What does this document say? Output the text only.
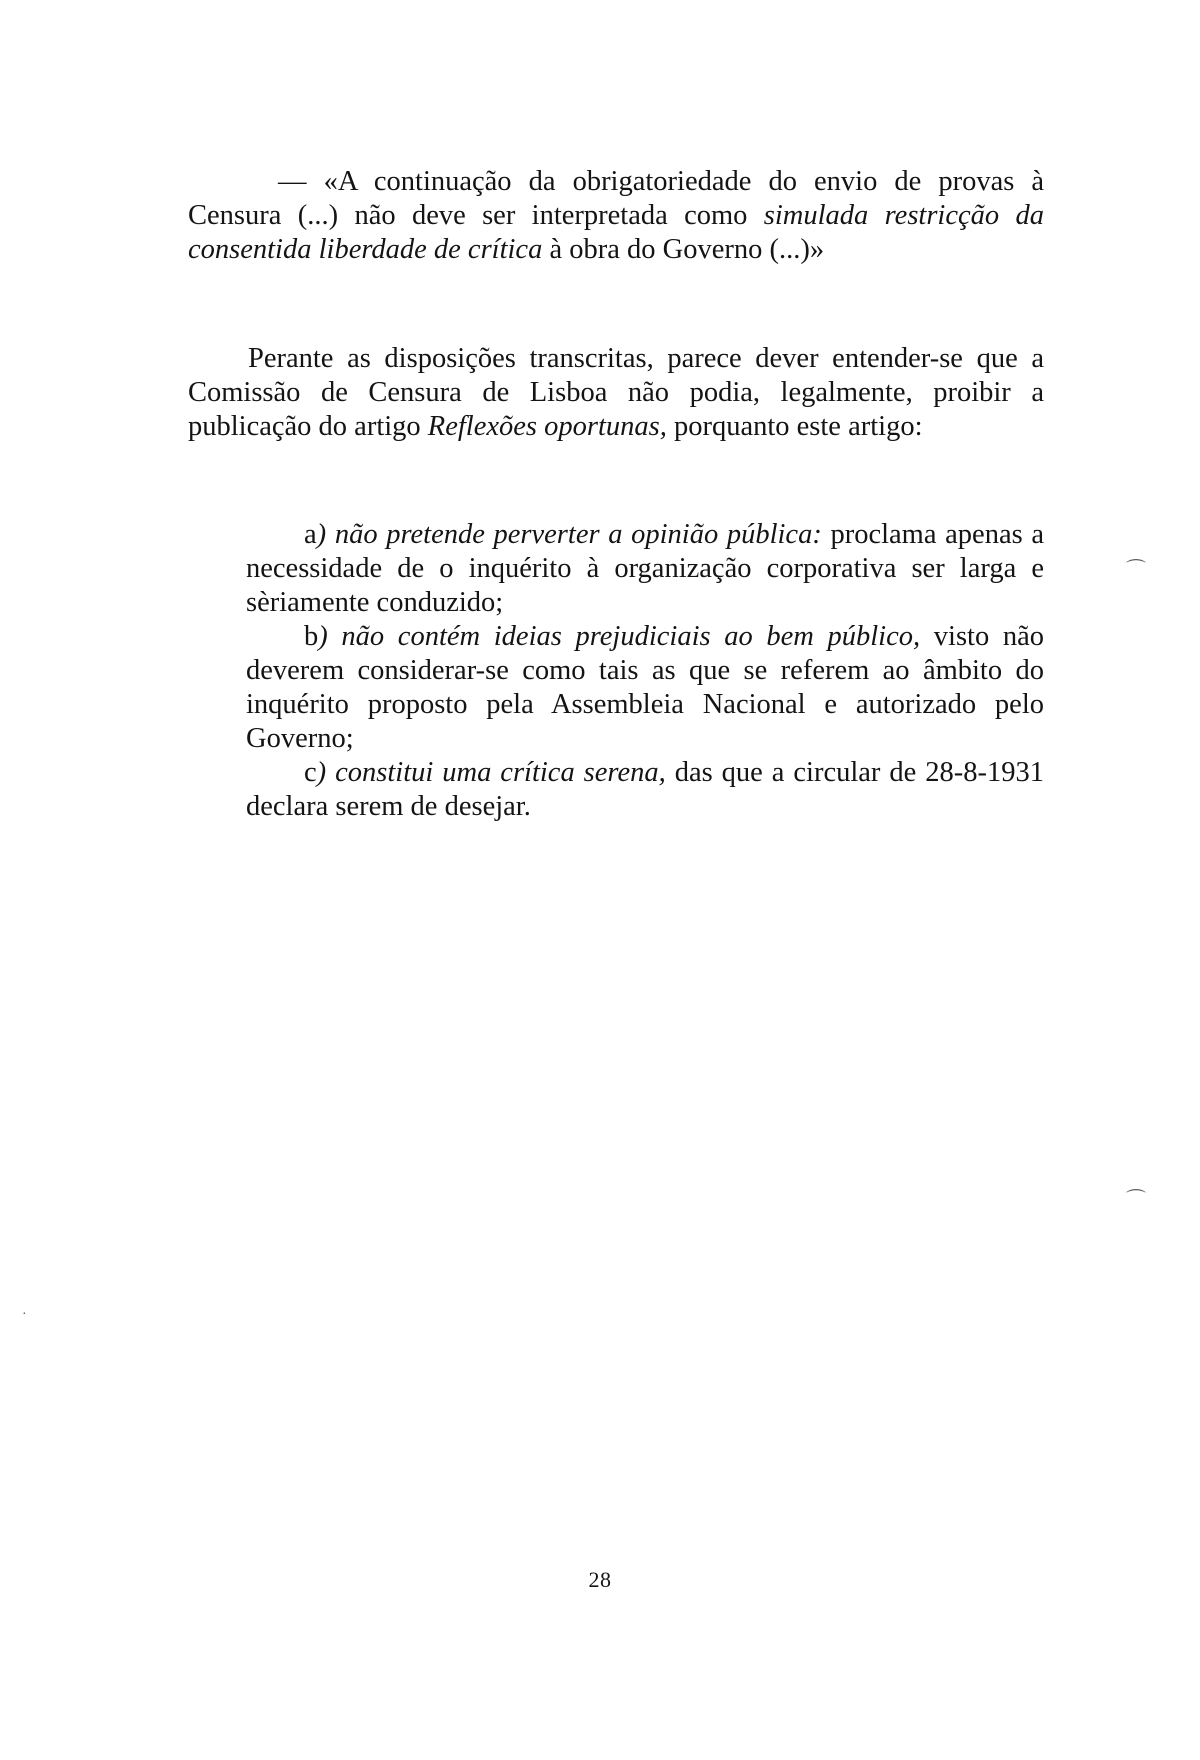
— «A continuação da obrigatoriedade do envio de provas à Censura (...) não deve ser interpretada como simulada restricção da consentida liberdade de crítica à obra do Governo (...)»

Perante as disposições transcritas, parece dever entender-se que a Comissão de Censura de Lisboa não podia, legalmente, proibir a publicação do artigo Reflexões oportunas, porquanto este artigo:

a) não pretende perverter a opinião pública: proclama apenas a necessidade de o inquérito à organização corporativa ser larga e sèriamente conduzido;

b) não contém ideias prejudiciais ao bem público, visto não deverem considerar-se como tais as que se referem ao âmbito do inquérito proposto pela Assembleia Nacional e autorizado pelo Governo;

c) constitui uma crítica serena, das que a circular de 28-8-1931 declara serem de desejar.

28
⌒
⌒
·
